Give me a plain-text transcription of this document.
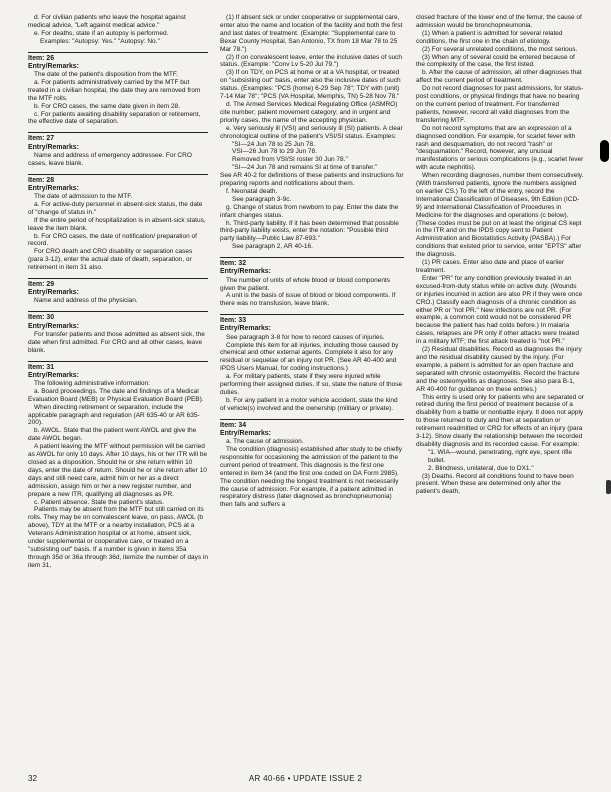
d. For civilian patients who leave the hospital against medical advice, "Left against medical advice."

e. For deaths, state if an autopsy is performed.

Examples: "Autopsy: Yes." "Autopsy: No."

Item: 26
Entry/Remarks:

The date of the patient's disposition from the MTF.

a. For patients administratively carried by the MTF but treated in a civilian hospital, the date they are removed from the MTF rolls.

b. For CRO cases, the same date given in item 28.

c. For patients awaiting disability separation or retirement, the effective date of separation.

Item: 27
Entry/Remarks:

Name and address of emergency addressee. For CRO cases, leave blank.

Item: 28
Entry/Remarks:

The date of admission to the MTF.

a. For active-duty personnel in absent-sick status, the date of "change of status in."

If the entire period of hospitalization is in absent-sick status, leave the item blank.

b. For CRO cases, the date of notification/ preparation of record.

For CRO death and CRO disability or separation cases (para 3-12), enter the actual date of death, separation, or retirement in item 31 also.

Item: 29
Entry/Remarks:

Name and address of the physician.

Item: 30
Entry/Remarks:

For transfer patients and those admitted as absent sick, the date when first admitted. For CRO and all other cases, leave blank.

Item: 31
Entry/Remarks:

The following administrative information:

a. Board proceedings. The date and findings of a Medical Evaluation Board (MEB) or Physical Evaluation Board (PEB).

When directing retirement or separation, include the applicable paragraph and regulation (AR 635-40 or AR 635-200).

b. AWOL. State that the patient went AWOL and give the date AWOL began.

A patient leaving the MTF without permission will be carried as AWOL for only 10 days. After 10 days, his or her ITR will be closed as a disposition. Should he or she return within 10 days, enter the date of return. Should he or she return after 10 days and still need care, admit him or her as a direct admission, assign him or her a new register number, and prepare a new ITR, qualifying all diagnoses as PR.

c. Patient absence. State the patient's status.

Patients may be absent from the MTF but still carried on its rolls. They may be on convalescent leave, on pass, AWOL (b above), TDY at the MTF or a nearby installation, PCS at a Veterans Administration hospital or at home, absent sick, under supplemental or cooperative care, or treated on a "subsisting out" basis. If a number is given in items 35a through 35d or 36a through 36d, itemize the number of days in item 31,

(1) If absent sick or under cooperative or supplemental care, enter also the name and location of the facility and both the first and last dates of treatment. (Example: "Supplemental care to Bexar County Hospital, San Antonio, TX from 18 Mar 78 to 25 Mar 78.")

(2) If on convalescent leave, enter the inclusive dates of such status. (Example: "Conv Lv 5-20 Jul 79.")

(3) If on TDY, on PCS at home or at a VA hospital, or treated on "subsisting out" basis, enter also the inclusive dates of such status. (Examples: "PCS (home) 6-29 Sep 78"; TDY with (unit) 7-14 Mar 78"; "PCS (VA Hospital, Memphis, TN) 5-28 Nov 78."

d. The Armed Services Medical Regulating Office (ASMRO) cite number; patient movement category; and in urgent and priority cases, the name of the accepting physician.

e. Very seriously ill (VSI) and seriously ill (SI) patients. A clear chronological outline of the patient's VSI/SI status. Examples:

"SI—24 Jun 78 to 25 Jun 78.

VSI—26 Jun 78 to 29 Jun 78.

Removed from VSI/SI roster 30 Jun 78."

"SI—24 Jun 78 and remains SI at time of transfer."

See AR 40-2 for definitions of these patients and instructions for preparing reports and notifications about them.

f. Neonatal death.

See paragraph 3-9c.

g. Change of status from newborn to pay. Enter the date the infant changes status.

h. Third-party liability. If it has been determined that possible third-party liability exists, enter the notation: "Possible third party liability—Public Law 87-693."

See paragraph 2, AR 40-16.

Item: 32
Entry/Remarks:

The number of units of whole blood or blood components given the patient.

A unit is the basis of issue of blood or blood components. If there was no transfusion, leave blank.

Item: 33
Entry/Remarks:

See paragraph 3-8 for how to record causes of injuries.

Complete this item for all injuries, including those caused by chemical and other external agents. Complete it also for any residual or sequelae of an injury not PR. (See AR 40-400 and IPDS Users Manual, for coding instructions.)

a. For military patients, state if they were injured while performing their assigned duties. If so, state the nature of those duties.

b. For any patient in a motor vehicle accident, state the kind of vehicle(s) involved and the ownership (military or private).

Item: 34
Entry/Remarks:

a. The cause of admission.

The condition (diagnosis) established after study to be chiefly responsible for occasioning the admission of the patient to the current period of treatment. This diagnosis is the first one entered in item 34 (and the first one coded on DA Form 2985). The condition needing the longest treatment is not necessarily the cause of admission. For example, if a patient admitted in respiratory distress (later diagnosed as bronchopneumonia) then falls and suffers a

closed fracture of the lower end of the femur, the cause of admission would be bronchopneumonia.

(1) When a patient is admitted for several related conditions, the first one in the chain of etiology.

(2) For several unrelated conditions, the most serious.

(3) When any of several could be entered because of the complexity of the case, the first listed.

b. After the cause of admission, all other diagnoses that affect the current period of treatment.

Do not record diagnoses for past admissions, for status-post conditions, or physical findings that have no bearing on the current period of treatment. For transferred patients, however, record all valid diagnoses from the transferring MTF.

Do not record symptoms that are an expression of a diagnosed condition. For example, for scarlet fever with rash and desquamation, do not record "rash" or "desquamation." Record, however, any unusual manifestations or serious complications (e.g., scarlet fever with acute nephritis).

When recording diagnoses, number them consecutively. (With transferred patients, ignore the numbers assigned on earlier CS.) To the left of the entry, record the International Classification of Diseases, 9th Edition (ICD-9) and International Classification of Procedures in Medicine for the diagnoses and operations (c below). (These codes must be put on at least the original CS kept in the ITR and on the IPDS copy sent to Patient Administration and Biostatistics Activity (PASBA).) For conditions that existed prior to service, enter "EPTS" after the diagnosis.

(1) PR cases. Enter also date and place of earlier treatment.

Enter "PR" for any condition previously treated in an excused-from-duty status while on active duty. (Wounds or injuries incurred in action are also PR if they were once CRO.) Classify each diagnosis of a chronic condition as either PR or "not PR." New infections are not PR. (For example, a common cold would not be considered PR because the patient has had colds before.) In malaria cases, relapses are PR only if other attacks were treated in a military MTF; the first attack treated is "not PR."

(2) Residual disabilities. Record as diagnoses the injury and the residual disability caused by the injury. (For example, a patient is admitted for an open fracture and separated with chronic osteomyelitis. Record the fracture and the osteomyelitis as diagnoses. See also para B-1, AR 40-400 for guidance on these entries.)

This entry is used only for patients who are separated or retired during the first period of treatment because of a disability from a battle or nonbattle injury. It does not apply to those returned to duty and then at separation or retirement readmitted or CRO for effects of an injury (para 3-12). Show clearly the relationship between the recorded disability diagnosis and its recorded cause. For example:

"1. WIA—wound, penetrating, right eye, spent rifle bullet.

2. Blindness, unilateral, due to DX1."

(3) Deaths. Record all conditions found to have been present. When these are determined only after the patient's death,

32	AR 40-66 • UPDATE ISSUE 2
